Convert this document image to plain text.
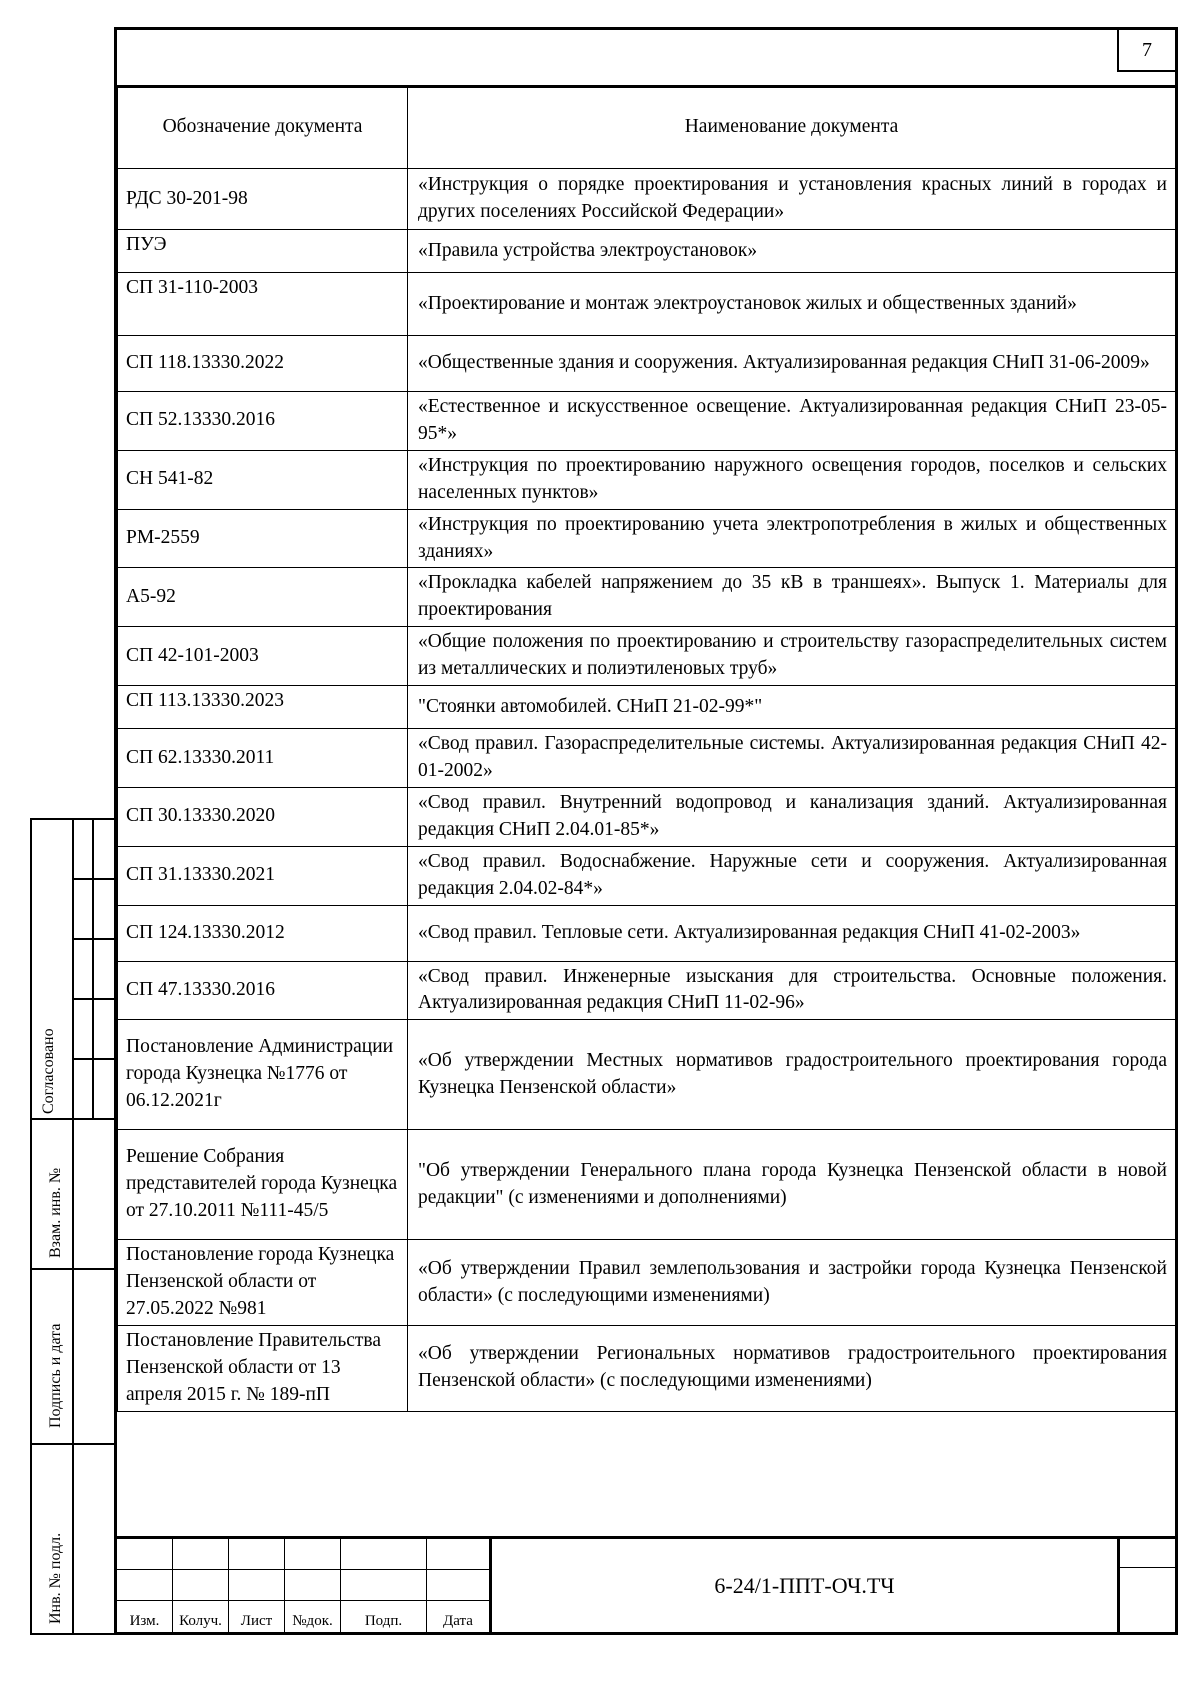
7
Обозначение документа	Наименование документа
РДС 30-201-98	«Инструкция о порядке проектирования и установления красных линий в городах и других поселениях Российской Федерации»
ПУЭ	«Правила устройства электроустановок»
СП 31-110-2003	«Проектирование и монтаж электроустановок жилых и общественных зданий»
СП 118.13330.2022	«Общественные здания и сооружения. Актуализированная редакция СНиП 31-06-2009»
СП 52.13330.2016	«Естественное и искусственное освещение. Актуализированная редакция СНиП 23-05-95*»
СН 541-82	«Инструкция по проектированию наружного освещения городов, поселков и сельских населенных пунктов»
РМ-2559	«Инструкция по проектированию учета электропотребления в жилых и общественных зданиях»
А5-92	«Прокладка кабелей напряжением до 35 кВ в траншеях». Выпуск 1. Материалы для проектирования
СП 42-101-2003	«Общие положения по проектированию и строительству газораспределительных систем из металлических и полиэтиленовых труб»
СП 113.13330.2023	"Стоянки автомобилей. СНиП 21-02-99*"
СП 62.13330.2011	«Свод правил. Газораспределительные системы. Актуализированная редакция СНиП 42-01-2002»
СП 30.13330.2020	«Свод правил. Внутренний водопровод и канализация зданий. Актуализированная редакция СНиП 2.04.01-85*»
СП 31.13330.2021	«Свод правил. Водоснабжение. Наружные сети и сооружения. Актуализированная редакция 2.04.02-84*»
СП 124.13330.2012	«Свод правил. Тепловые сети. Актуализированная редакция СНиП 41-02-2003»
СП 47.13330.2016	«Свод правил. Инженерные изыскания для строительства. Основные положения. Актуализированная редакция СНиП 11-02-96»
Постановление Администрации города Кузнецка №1776 от 06.12.2021г	«Об утверждении Местных нормативов градостроительного проектирования города Кузнецка Пензенской области»
Решение Собрания представителей города Кузнецка от 27.10.2011 №111-45/5	"Об утверждении Генерального плана города Кузнецка Пензенской области в новой редакции" (с изменениями и дополнениями)
Постановление города Кузнецка Пензенской области от 27.05.2022 №981	«Об утверждении Правил землепользования и застройки города Кузнецка Пензенской области» (с последующими изменениями)
Постановление Правительства Пензенской области от 13 апреля 2015 г. № 189-пП	«Об утверждении Региональных нормативов градостроительного проектирования Пензенской области» (с последующими изменениями)
Изм.	Колуч.	Лист	№док.	Подп.	Дата
6-24/1-ППТ-ОЧ.ТЧ
Согласовано
Взам. инв. №
Подпись и дата
Инв. № подл.
